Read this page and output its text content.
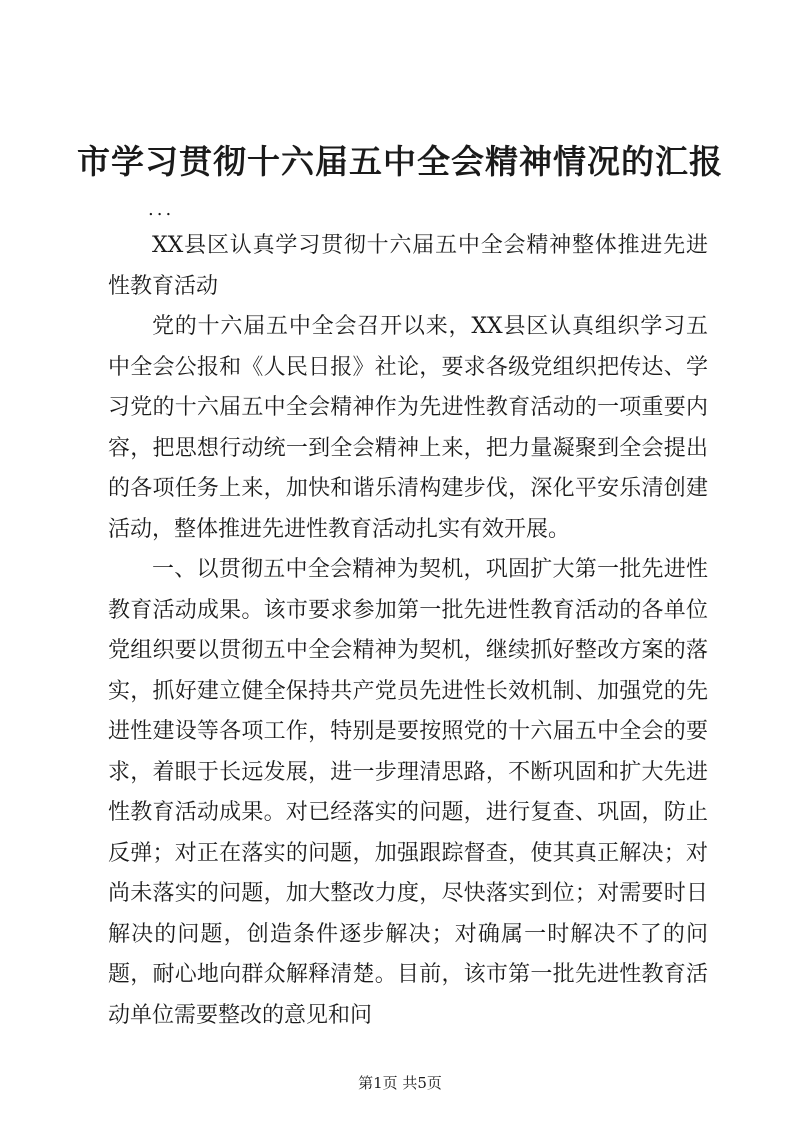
市学习贯彻十六届五中全会精神情况的汇报
...

XX县区认真学习贯彻十六届五中全会精神整体推进先进性教育活动

党的十六届五中全会召开以来，XX县区认真组织学习五中全会公报和《人民日报》社论，要求各级党组织把传达、学习党的十六届五中全会精神作为先进性教育活动的一项重要内容，把思想行动统一到全会精神上来，把力量凝聚到全会提出的各项任务上来，加快和谐乐清构建步伐，深化平安乐清创建活动，整体推进先进性教育活动扎实有效开展。

一、以贯彻五中全会精神为契机，巩固扩大第一批先进性教育活动成果。该市要求参加第一批先进性教育活动的各单位党组织要以贯彻五中全会精神为契机，继续抓好整改方案的落实，抓好建立健全保持共产党员先进性长效机制、加强党的先进性建设等各项工作，特别是要按照党的十六届五中全会的要求，着眼于长远发展，进一步理清思路，不断巩固和扩大先进性教育活动成果。对已经落实的问题，进行复查、巩固，防止反弹；对正在落实的问题，加强跟踪督查，使其真正解决；对尚未落实的问题，加大整改力度，尽快落实到位；对需要时日解决的问题，创造条件逐步解决；对确属一时解决不了的问题，耐心地向群众解释清楚。目前，该市第一批先进性教育活动单位需要整改的意见和问

第1页 共5页
